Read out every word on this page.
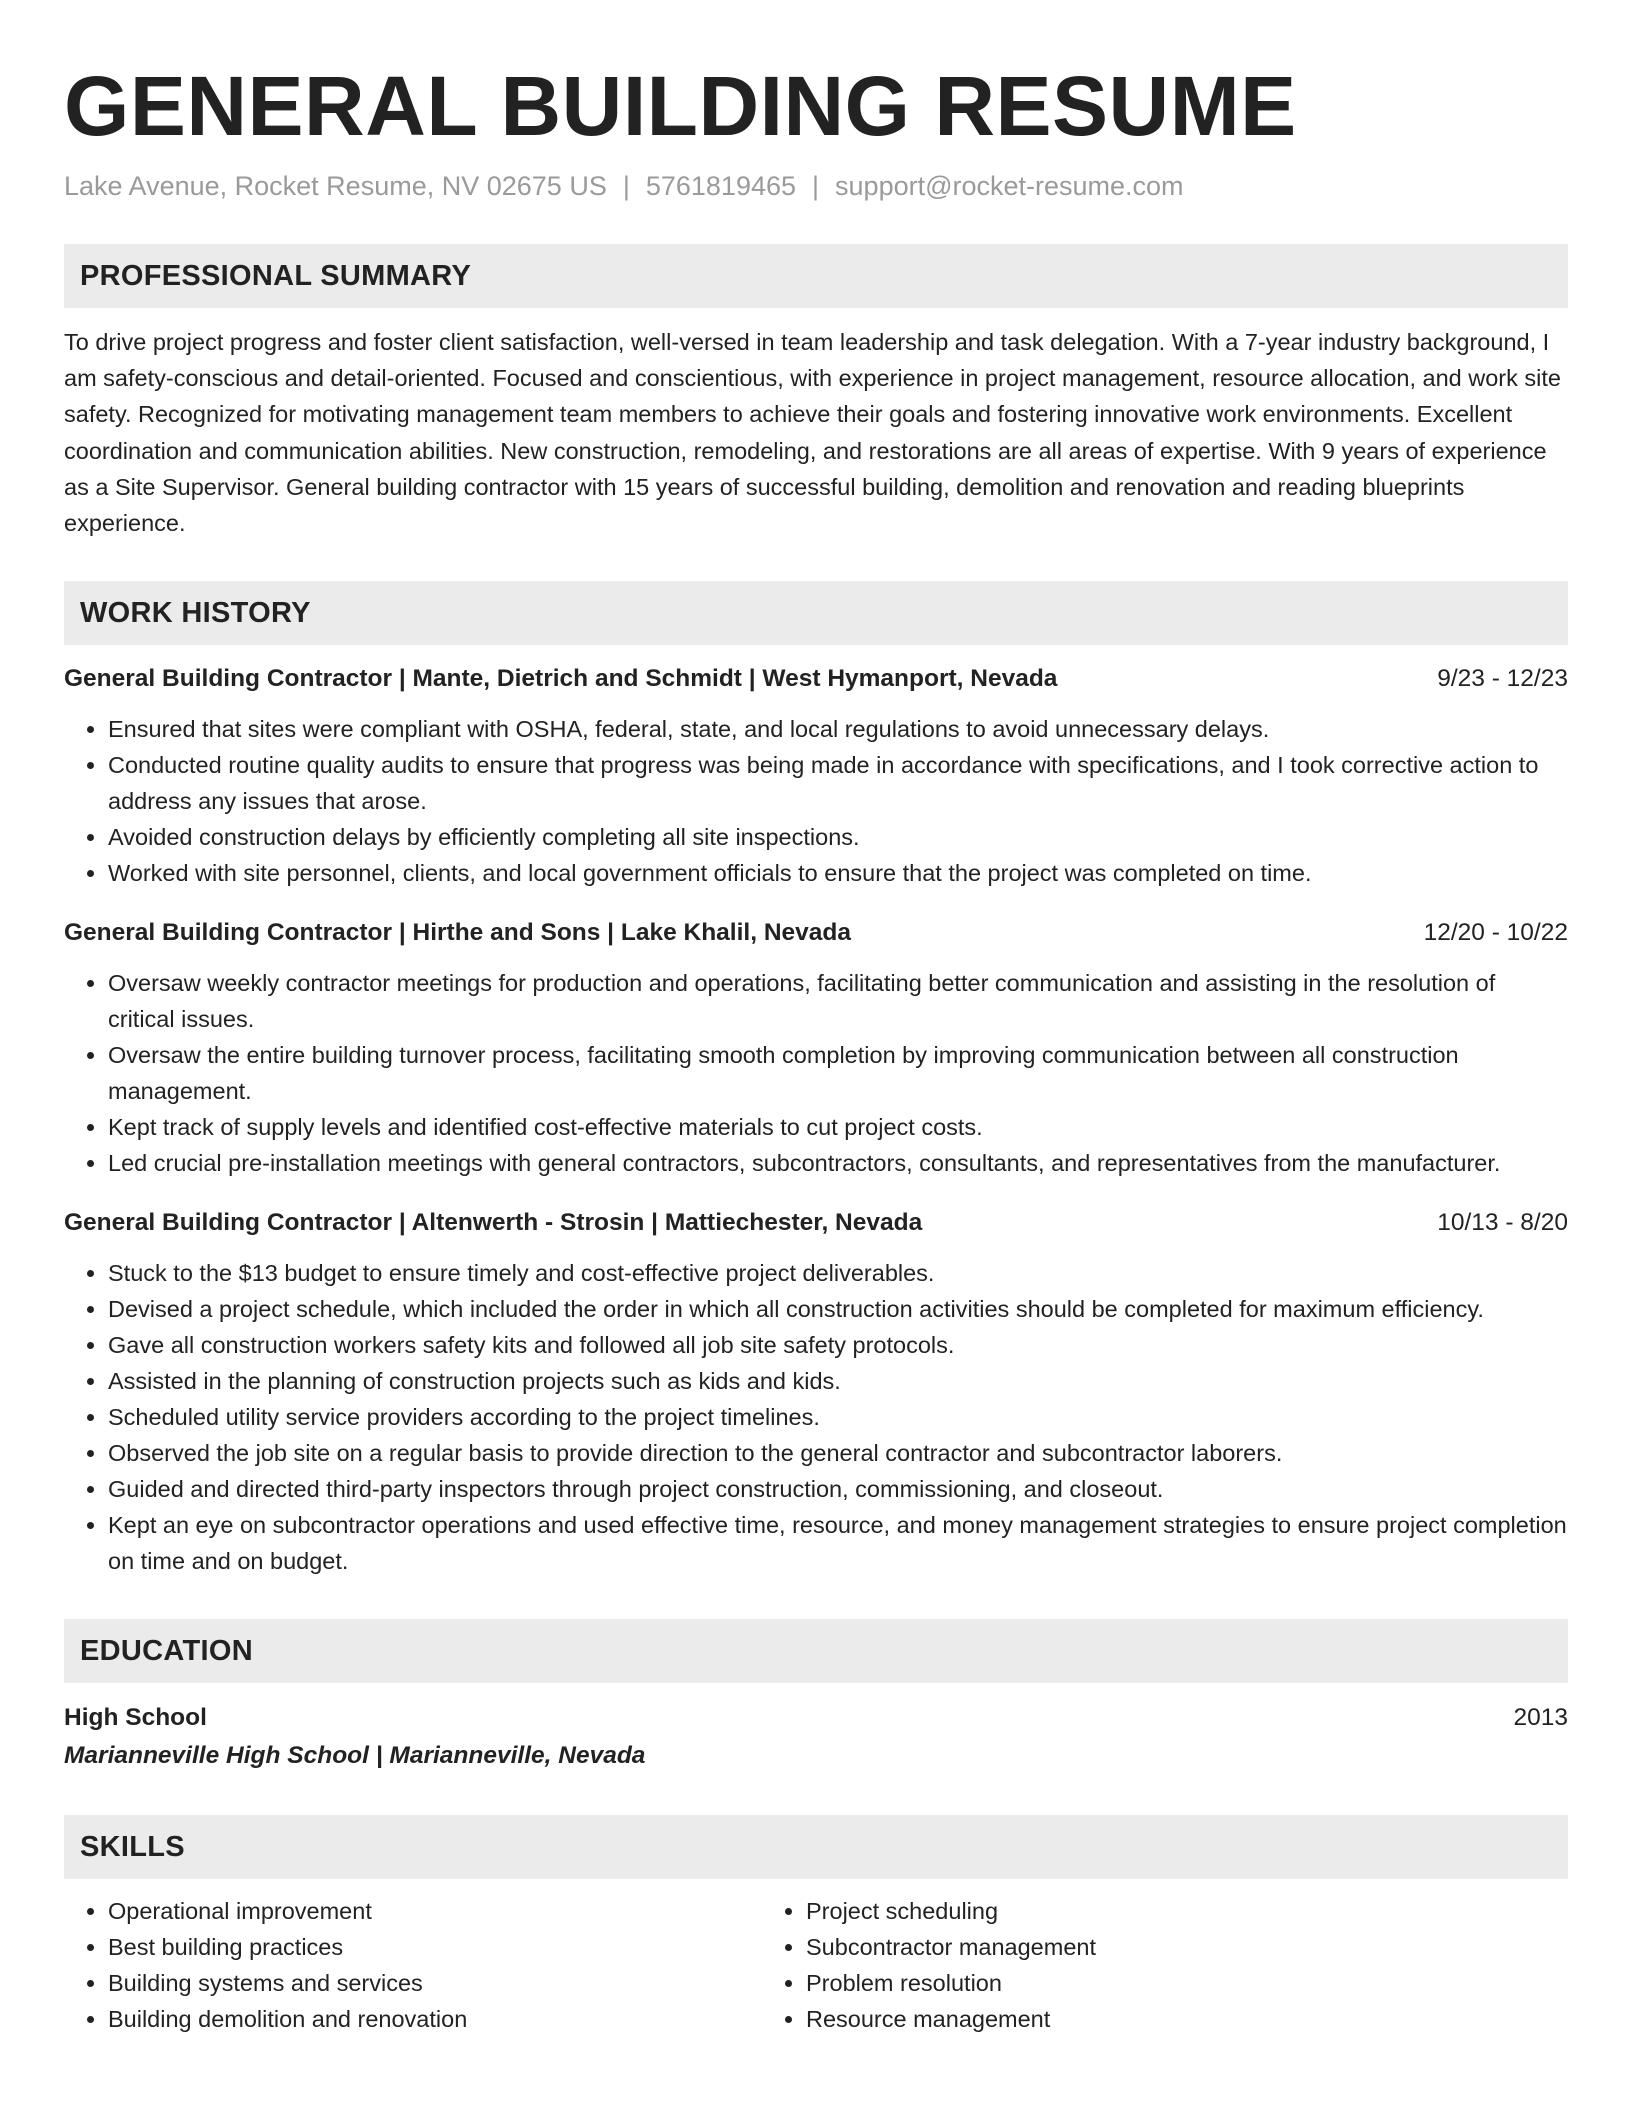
GENERAL BUILDING RESUME
Lake Avenue, Rocket Resume, NV 02675 US | 5761819465 | support@rocket-resume.com
PROFESSIONAL SUMMARY
To drive project progress and foster client satisfaction, well-versed in team leadership and task delegation. With a 7-year industry background, I am safety-conscious and detail-oriented. Focused and conscientious, with experience in project management, resource allocation, and work site safety. Recognized for motivating management team members to achieve their goals and fostering innovative work environments. Excellent coordination and communication abilities. New construction, remodeling, and restorations are all areas of expertise. With 9 years of experience as a Site Supervisor. General building contractor with 15 years of successful building, demolition and renovation and reading blueprints experience.
WORK HISTORY
General Building Contractor | Mante, Dietrich and Schmidt | West Hymanport, Nevada	9/23 - 12/23
• Ensured that sites were compliant with OSHA, federal, state, and local regulations to avoid unnecessary delays.
• Conducted routine quality audits to ensure that progress was being made in accordance with specifications, and I took corrective action to address any issues that arose.
• Avoided construction delays by efficiently completing all site inspections.
• Worked with site personnel, clients, and local government officials to ensure that the project was completed on time.
General Building Contractor | Hirthe and Sons | Lake Khalil, Nevada	12/20 - 10/22
• Oversaw weekly contractor meetings for production and operations, facilitating better communication and assisting in the resolution of critical issues.
• Oversaw the entire building turnover process, facilitating smooth completion by improving communication between all construction management.
• Kept track of supply levels and identified cost-effective materials to cut project costs.
• Led crucial pre-installation meetings with general contractors, subcontractors, consultants, and representatives from the manufacturer.
General Building Contractor | Altenwerth - Strosin | Mattiechester, Nevada	10/13 - 8/20
• Stuck to the $13 budget to ensure timely and cost-effective project deliverables.
• Devised a project schedule, which included the order in which all construction activities should be completed for maximum efficiency.
• Gave all construction workers safety kits and followed all job site safety protocols.
• Assisted in the planning of construction projects such as kids and kids.
• Scheduled utility service providers according to the project timelines.
• Observed the job site on a regular basis to provide direction to the general contractor and subcontractor laborers.
• Guided and directed third-party inspectors through project construction, commissioning, and closeout.
• Kept an eye on subcontractor operations and used effective time, resource, and money management strategies to ensure project completion on time and on budget.
EDUCATION
High School	2013
Marianneville High School | Marianneville, Nevada
SKILLS
• Operational improvement
• Best building practices
• Building systems and services
• Building demolition and renovation
• Project scheduling
• Subcontractor management
• Problem resolution
• Resource management
